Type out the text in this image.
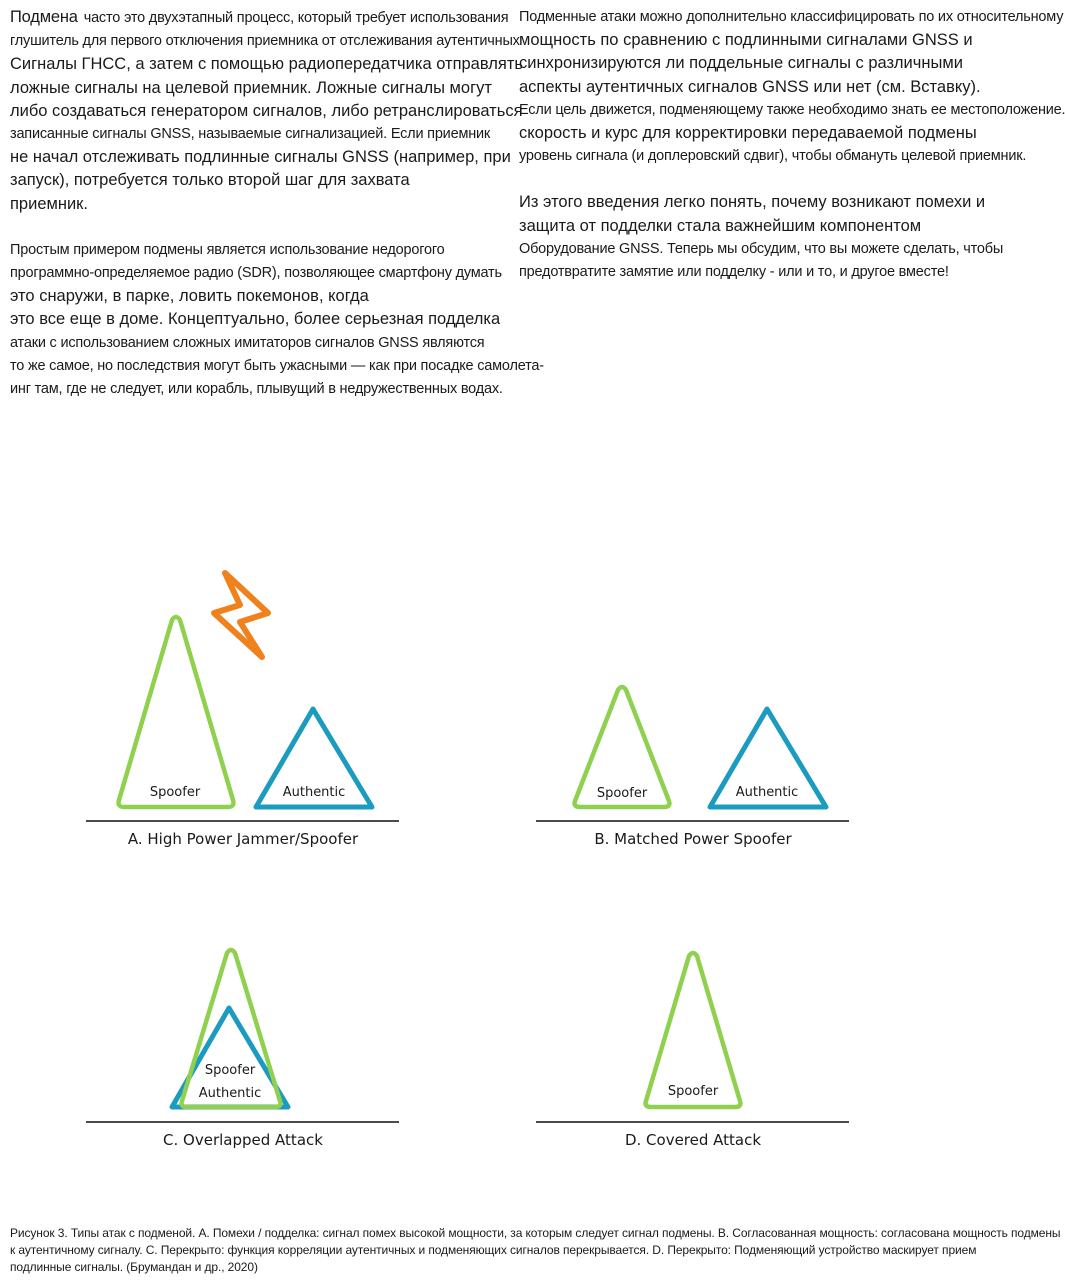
Подмена часто это двухэтапный процесс, который требует использования
глушитель для первого отключения приемника от отслеживания аутентичных
Сигналы ГНСС, а затем с помощью радиопередатчика отправлять
ложные сигналы на целевой приемник. Ложные сигналы могут
либо создаваться генератором сигналов, либо ретранслироваться
записанные сигналы GNSS, называемые сигнализацией. Если приемник
не начал отслеживать подлинные сигналы GNSS (например, при
запуск), потребуется только второй шаг для захвата
приемник.
Простым примером подмены является использование недорогого
программно-определяемое радио (SDR), позволяющее смартфону думать
это снаружи, в парке, ловить покемонов, когда
это все еще в доме. Концептуально, более серьезная подделка
атаки с использованием сложных имитаторов сигналов GNSS являются
то же самое, но последствия могут быть ужасными — как при посадке самолета-
инг там, где не следует, или корабль, плывущий в недружественных водах.
Подменные атаки можно дополнительно классифицировать по их относительному
мощность по сравнению с подлинными сигналами GNSS и
синхронизируются ли поддельные сигналы с различными
аспекты аутентичных сигналов GNSS или нет (см. Вставку).
Если цель движется, подменяющему также необходимо знать ее местоположение.
скорость и курс для корректировки передаваемой подмены
уровень сигнала (и доплеровский сдвиг), чтобы обмануть целевой приемник.
Из этого введения легко понять, почему возникают помехи и
защита от подделки стала важнейшим компонентом
Оборудование GNSS. Теперь мы обсудим, что вы можете сделать, чтобы
предотвратите замятие или подделку - или и то, и другое вместе!
Spoofer	Authentic
A. High Power Jammer/Spoofer
Spoofer	Authentic
B. Matched Power Spoofer
Spoofer
Authentic
C. Overlapped Attack
Spoofer
D. Covered Attack
Рисунок 3. Типы атак с подменой. A. Помехи / подделка: сигнал помех высокой мощности, за которым следует сигнал подмены. B. Согласованная мощность: согласована мощность подмены
к аутентичному сигналу. C. Перекрыто: функция корреляции аутентичных и подменяющих сигналов перекрывается. D. Перекрыто: Подменяющий устройство маскирует прием
подлинные сигналы. (Брумандан и др., 2020)
